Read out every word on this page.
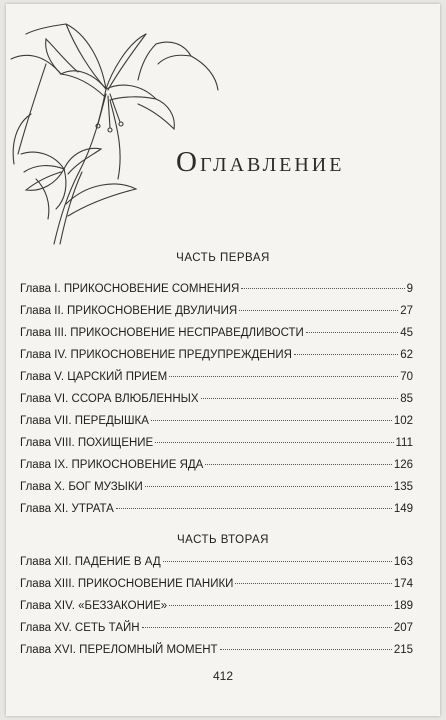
Оглавление
ЧАСТЬ ПЕРВАЯ
Глава I. ПРИКОСНОВЕНИЕ СОМНЕНИЯ	9
Глава II. ПРИКОСНОВЕНИЕ ДВУЛИЧИЯ	27
Глава III. ПРИКОСНОВЕНИЕ НЕСПРАВЕДЛИВОСТИ	45
Глава IV. ПРИКОСНОВЕНИЕ ПРЕДУПРЕЖДЕНИЯ	62
Глава V. ЦАРСКИЙ ПРИЕМ	70
Глава VI. ССОРА ВЛЮБЛЕННЫХ	85
Глава VII. ПЕРЕДЫШКА	102
Глава VIII. ПОХИЩЕНИЕ	111
Глава IX. ПРИКОСНОВЕНИЕ ЯДА	126
Глава X. БОГ МУЗЫКИ	135
Глава XI. УТРАТА	149
ЧАСТЬ ВТОРАЯ
Глава XII. ПАДЕНИЕ В АД	163
Глава XIII. ПРИКОСНОВЕНИЕ ПАНИКИ	174
Глава XIV. «БЕЗЗАКОНИЕ»	189
Глава XV. СЕТЬ ТАЙН	207
Глава XVI. ПЕРЕЛОМНЫЙ МОМЕНТ	215
412
